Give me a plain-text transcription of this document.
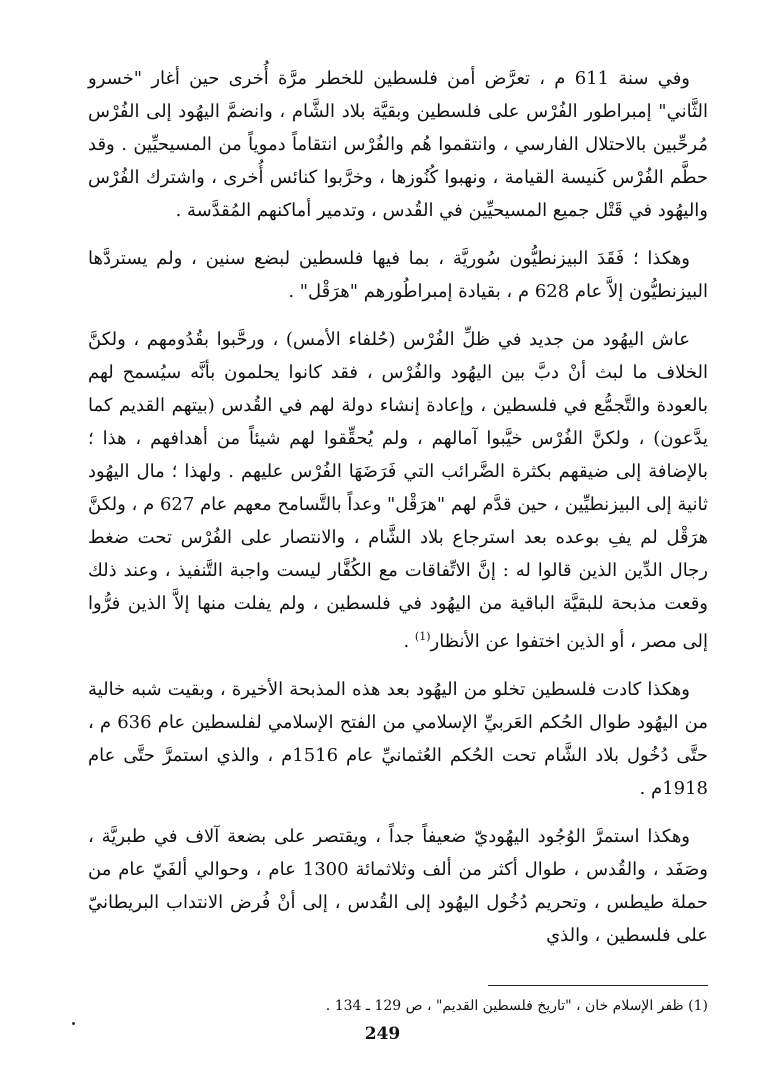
وفي سنة 611 م ، تعرَّض أمن فلسطين للخطر مرَّة أُخرى حين أغار "خسرو الثَّاني" إمبراطور الفُرْس على فلسطين وبقيَّة بلاد الشَّام ، وانضمَّ اليهُود إلى الفُرْس مُرحِّبين بالاحتلال الفارسي ، وانتقموا هُم والفُرْس انتقاماً دموياً من المسيحيِّين . وقد حطَّم الفُرْس كَنيسة القيامة ، ونهبوا كُنُوزها ، وخرَّبوا كنائس أُخرى ، واشترك الفُرْس واليهُود في قَتْل جميع المسيحيِّين في القُدس ، وتدمير أماكنهم المُقدَّسة .

وهكذا ؛ فَقَدَ البيزنطيُّون سُوريَّة ، بما فيها فلسطين لبضع سنين ، ولم يستردَّها البيزنطيُّون إلاَّ عام 628 م ، بقيادة إمبراطُورهم "هرَقْل" .

عاش اليهُود من جديد في ظلِّ الفُرْس (حُلفاء الأمس) ، ورحَّبوا بقُدُومهم ، ولكنَّ الخلاف ما لبث أنْ دبَّ بين اليهُود والفُرْس ، فقد كانوا يحلمون بأنَّه سيُسمح لهم بالعودة والتَّجمُّع في فلسطين ، وإعادة إنشاء دولة لهم في القُدس (بيتهم القديم كما يدَّعون) ، ولكنَّ الفُرْس خيَّبوا آمالهم ، ولم يُحقِّقوا لهم شيئاً من أهدافهم ، هذا ؛ بالإضافة إلى ضيقهم بكثرة الضَّرائب التي فَرَضَهَا الفُرْس عليهم . ولهذا ؛ مال اليهُود ثانية إلى البيزنطيِّين ، حين قدَّم لهم "هرَقْل" وعداً بالتَّسامح معهم عام 627 م ، ولكنَّ هرَقْل لم يفِ بوعده بعد استرجاع بلاد الشَّام ، والانتصار على الفُرْس تحت ضغط رجال الدِّين الذين قالوا له : إنَّ الاتِّفاقات مع الكُفَّار ليست واجبة التَّنفيذ ، وعند ذلك وقعت مذبحة للبقيَّة الباقية من اليهُود في فلسطين ، ولم يفلت منها إلاَّ الذين فرُّوا إلى مصر ، أو الذين اختفوا عن الأنظار$^{(1)}$ .

وهكذا كادت فلسطين تخلو من اليهُود بعد هذه المذبحة الأخيرة ، وبقيت شبه خالية من اليهُود طوال الحُكم العَربيِّ الإسلامي من الفتح الإسلامي لفلسطين عام 636 م ، حتَّى دُخُول بلاد الشَّام تحت الحُكم العُثمانيِّ عام 1516م ، والذي استمرَّ حتَّى عام 1918م .

وهكذا استمرَّ الوُجُود اليهُوديّ ضعيفاً جداً ، ويقتصر على بضعة آلاف في طبريَّة ، وصَفَد ، والقُدس ، طوال أكثر من ألف وثلاثمائة 1300 عام ، وحوالي ألفَيّ عام من حملة طيطس ، وتحريم دُخُول اليهُود إلى القُدس ، إلى أنْ فُرض الانتداب البريطانيّ على فلسطين ، والذي

(1) ظفر الإسلام خان ، "تاريخ فلسطين القديم" ، ص 129 ـ 134 .
249
